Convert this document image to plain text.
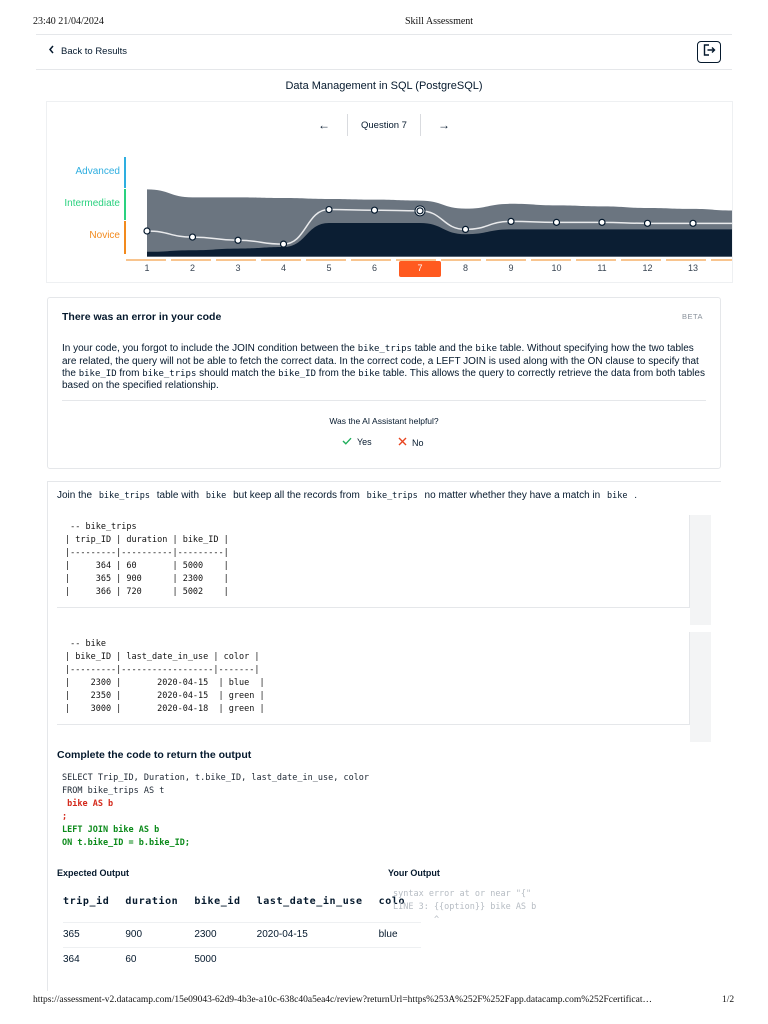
23:40 21/04/2024	Skill Assessment
Back to Results
Data Management in SQL (PostgreSQL)
←	Question 7	→
Advanced
Intermediate
Novice
1	2	3	4	5	6	7	8	9	10	11	12	13
There was an error in your code	BETA
In your code, you forgot to include the JOIN condition between the bike_trips table and the bike table. Without specifying how the two tables are related, the query will not be able to fetch the correct data. In the correct code, a LEFT JOIN is used along with the ON clause to specify that the bike_ID from bike_trips should match the bike_ID from the bike table. This allows the query to correctly retrieve the data from both tables based on the specified relationship.
Was the AI Assistant helpful?
Yes	No
Join the bike_trips table with bike but keep all the records from bike_trips no matter whether they have a match in bike .
-- bike_trips
| trip_ID | duration | bike_ID |
|---------|----------|---------|
|     364 | 60       | 5000    |
|     365 | 900      | 2300    |
|     366 | 720      | 5002    |
-- bike
| bike_ID | last_date_in_use | color |
|---------|------------------|-------|
|    2300 |       2020-04-15  | blue  |
|    2350 |       2020-04-15  | green |
|    3000 |       2020-04-18  | green |
Complete the code to return the output
SELECT Trip_ID, Duration, t.bike_ID, last_date_in_use, color
FROM bike_trips AS t
bike AS b
;
LEFT JOIN bike AS b
ON t.bike_ID = b.bike_ID;
Expected Output	Your Output
trip_id	duration	bike_id	last_date_in_use	colo
365	900	2300	2020-04-15	blue
364	60	5000		
syntax error at or near "{"
LINE 3: {{option}} bike AS b
^
https://assessment-v2.datacamp.com/15e09043-62d9-4b3e-a10c-638c40a5ea4c/review?returnUrl=https%253A%252F%252Fapp.datacamp.com%252Fcertificat…	1/2
